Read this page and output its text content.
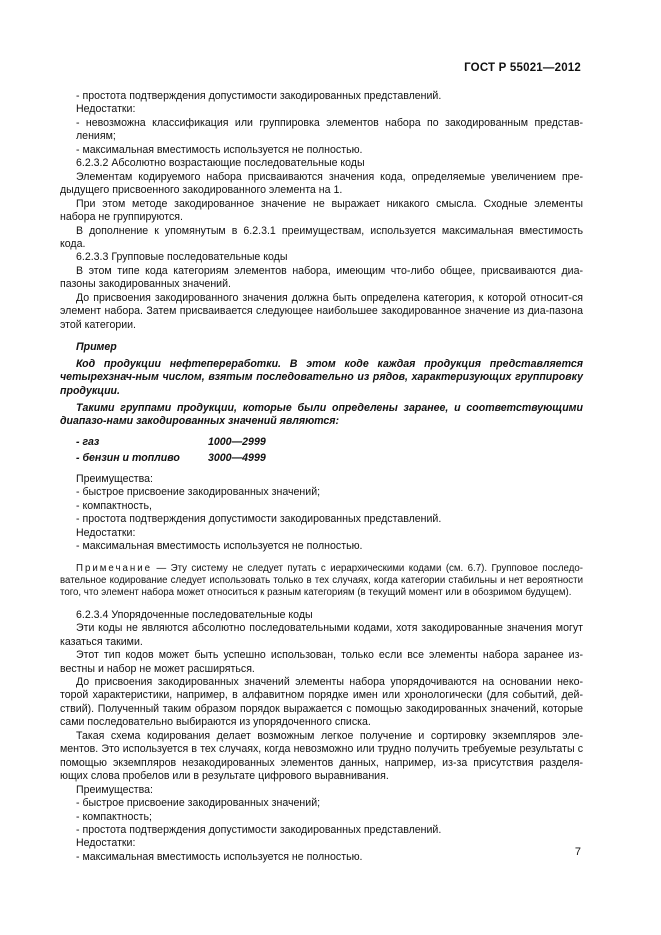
ГОСТ Р 55021—2012

- простота подтверждения допустимости закодированных представлений.

Недостатки:

- невозможна классификация или группировка элементов набора по закодированным представ-лениям;

- максимальная вместимость используется не полностью.

6.2.3.2 Абсолютно возрастающие последовательные коды

Элементам кодируемого набора присваиваются значения кода, определяемые увеличением пре-дыдущего присвоенного закодированного элемента на 1.

При этом методе закодированное значение не выражает никакого смысла. Сходные элементы набора не группируются.

В дополнение к упомянутым в 6.2.3.1 преимуществам, используется максимальная вместимость кода.

6.2.3.3 Групповые последовательные коды

В этом типе кода категориям элементов набора, имеющим что-либо общее, присваиваются диа-пазоны закодированных значений.

До присвоения закодированного значения должна быть определена категория, к которой относит-ся элемент набора. Затем присваивается следующее наибольшее закодированное значение из диа-пазона этой категории.

Пример

Код продукции нефтепереработки. В этом коде каждая продукция представляется четырехзнач-ным числом, взятым последовательно из рядов, характеризующих группировку продукции.

Такими группами продукции, которые были определены заранее, и соответствующими диапазо-нами закодированных значений являются:

- газ	1000—2999
- бензин и топливо	3000—4999

Преимущества:

- быстрое присвоение закодированных значений;

- компактность,

- простота подтверждения допустимости закодированных представлений.

Недостатки:

- максимальная вместимость используется не полностью.

Примечание — Эту систему не следует путать с иерархическими кодами (см. 6.7). Групповое последо-вательное кодирование следует использовать только в тех случаях, когда категории стабильны и нет вероятности того, что элемент набора может относиться к разным категориям (в текущий момент или в обозримом будущем).

6.2.3.4 Упорядоченные последовательные коды

Эти коды не являются абсолютно последовательными кодами, хотя закодированные значения могут казаться такими.

Этот тип кодов может быть успешно использован, только если все элементы набора заранее из-вестны и набор не может расширяться.

До присвоения закодированных значений элементы набора упорядочиваются на основании неко-торой характеристики, например, в алфавитном порядке имен или хронологически (для событий, дей-ствий). Полученный таким образом порядок выражается с помощью закодированных значений, которые сами последовательно выбираются из упорядоченного списка.

Такая схема кодирования делает возможным легкое получение и сортировку экземпляров эле-ментов. Это используется в тех случаях, когда невозможно или трудно получить требуемые результаты с помощью экземпляров незакодированных элементов данных, например, из-за присутствия разделя-ющих слова пробелов или в результате цифрового выравнивания.

Преимущества:

- быстрое присвоение закодированных значений;

- компактность;

- простота подтверждения допустимости закодированных представлений.

Недостатки:

- максимальная вместимость используется не полностью.	7
